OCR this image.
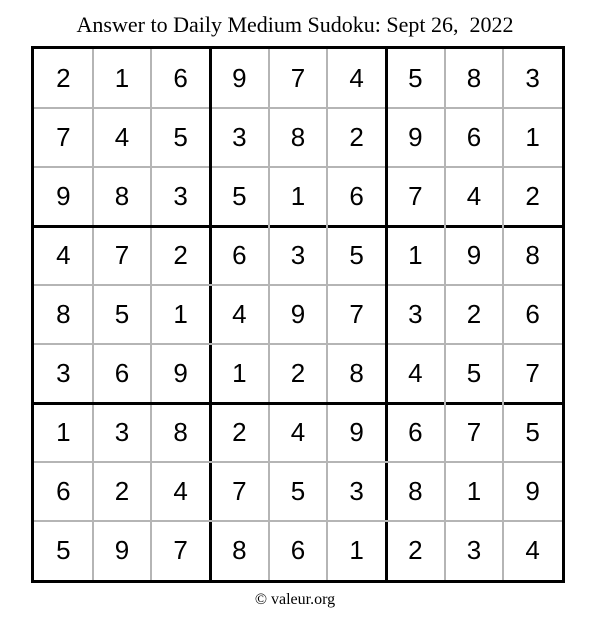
Answer to Daily Medium Sudoku: Sept 26,  2022
2	1	6	9	7	4	5	8	3
7	4	5	3	8	2	9	6	1
9	8	3	5	1	6	7	4	2
4	7	2	6	3	5	1	9	8
8	5	1	4	9	7	3	2	6
3	6	9	1	2	8	4	5	7
1	3	8	2	4	9	6	7	5
6	2	4	7	5	3	8	1	9
5	9	7	8	6	1	2	3	4
© valeur.org
